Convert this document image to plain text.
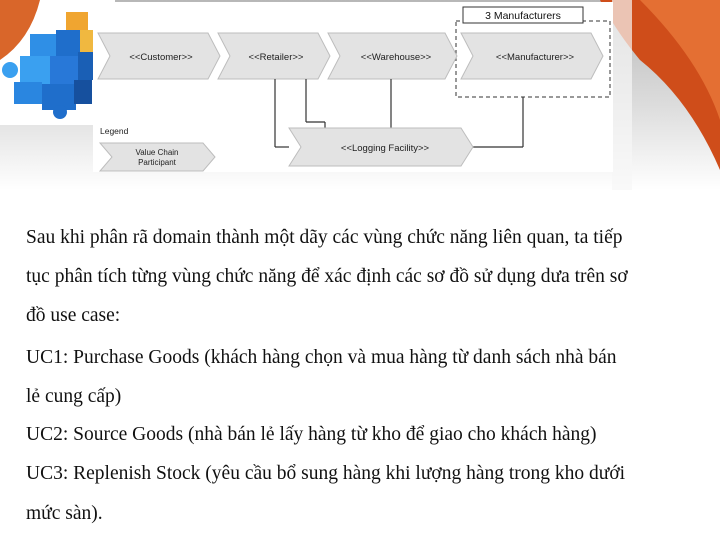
3 Manufacturers
<<Customer>>	<<Retailer>>	<<Warehouse>>	<<Manufacturer>>
<<Logging Facility>>
Legend
Value Chain
Participant
Sau khi phân rã domain thành một dãy các vùng chức năng liên quan, ta tiếp
tục phân tích từng vùng chức năng để xác định các sơ đồ sử dụng dưa trên sơ
đồ use case:
UC1: Purchase Goods (khách hàng chọn và mua hàng từ danh sách nhà bán
lẻ cung cấp)
UC2: Source Goods (nhà bán lẻ lấy hàng từ kho để giao cho khách hàng)
UC3: Replenish Stock (yêu cầu bổ sung hàng khi lượng hàng trong kho dưới
mức sàn).
